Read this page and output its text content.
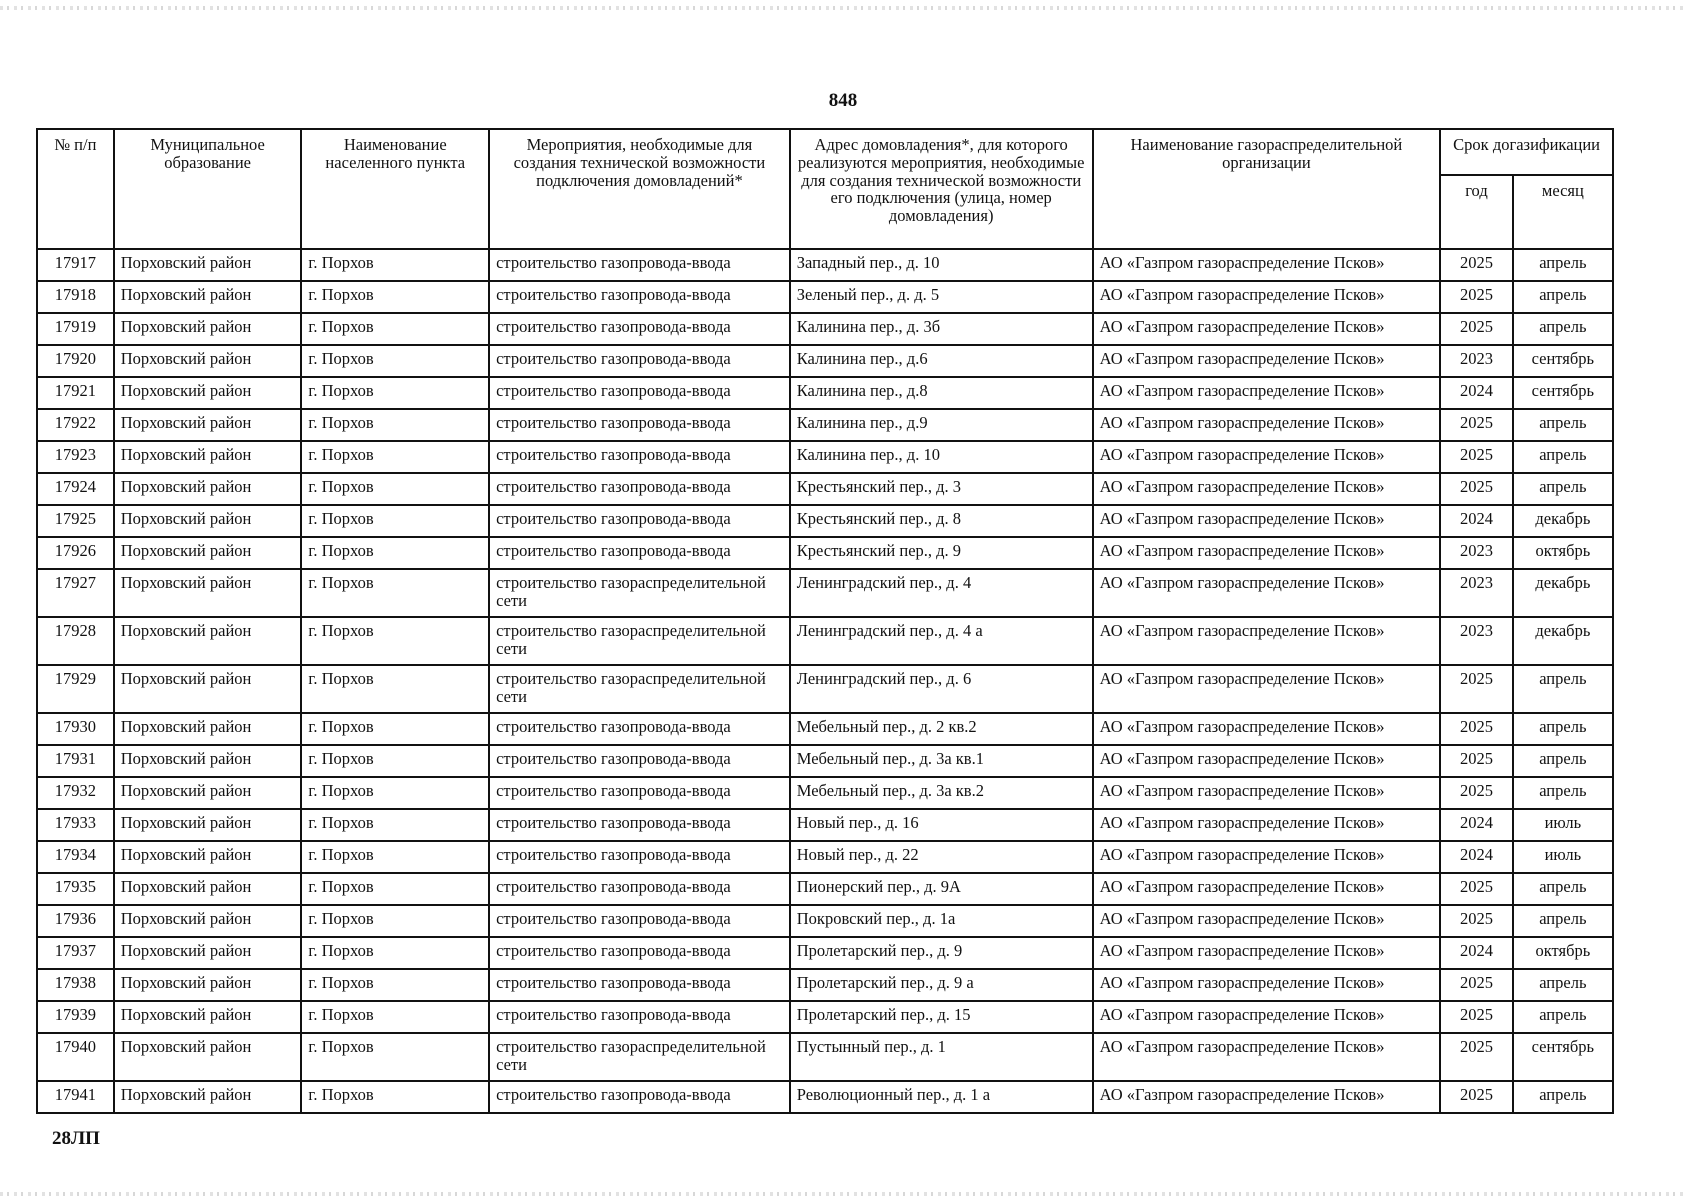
848
№ п/п	Муниципальное образование	Наименование населенного пункта	Мероприятия, необходимые для создания технической возможности подключения домовладений*	Адрес домовладения*, для которого реализуются мероприятия, необходимые для создания технической возможности его подключения (улица, номер домовладения)	Наименование газораспределительной организации	Срок догазификации	
						год	месяц
17917	Порховский район	г. Порхов	строительство газопровода-ввода	Западный пер., д. 10	АО «Газпром газораспределение Псков»	2025	апрель
17918	Порховский район	г. Порхов	строительство газопровода-ввода	Зеленый пер., д. д. 5	АО «Газпром газораспределение Псков»	2025	апрель
17919	Порховский район	г. Порхов	строительство газопровода-ввода	Калинина пер., д. 3б	АО «Газпром газораспределение Псков»	2025	апрель
17920	Порховский район	г. Порхов	строительство газопровода-ввода	Калинина пер., д.6	АО «Газпром газораспределение Псков»	2023	сентябрь
17921	Порховский район	г. Порхов	строительство газопровода-ввода	Калинина пер., д.8	АО «Газпром газораспределение Псков»	2024	сентябрь
17922	Порховский район	г. Порхов	строительство газопровода-ввода	Калинина пер., д.9	АО «Газпром газораспределение Псков»	2025	апрель
17923	Порховский район	г. Порхов	строительство газопровода-ввода	Калинина пер., д. 10	АО «Газпром газораспределение Псков»	2025	апрель
17924	Порховский район	г. Порхов	строительство газопровода-ввода	Крестьянский пер., д. 3	АО «Газпром газораспределение Псков»	2025	апрель
17925	Порховский район	г. Порхов	строительство газопровода-ввода	Крестьянский пер., д. 8	АО «Газпром газораспределение Псков»	2024	декабрь
17926	Порховский район	г. Порхов	строительство газопровода-ввода	Крестьянский пер., д. 9	АО «Газпром газораспределение Псков»	2023	октябрь
17927	Порховский район	г. Порхов	строительство газораспределительной сети	Ленинградский пер., д. 4	АО «Газпром газораспределение Псков»	2023	декабрь
17928	Порховский район	г. Порхов	строительство газораспределительной сети	Ленинградский пер., д. 4 а	АО «Газпром газораспределение Псков»	2023	декабрь
17929	Порховский район	г. Порхов	строительство газораспределительной сети	Ленинградский пер., д. 6	АО «Газпром газораспределение Псков»	2025	апрель
17930	Порховский район	г. Порхов	строительство газопровода-ввода	Мебельный пер., д. 2 кв.2	АО «Газпром газораспределение Псков»	2025	апрель
17931	Порховский район	г. Порхов	строительство газопровода-ввода	Мебельный пер., д. 3а кв.1	АО «Газпром газораспределение Псков»	2025	апрель
17932	Порховский район	г. Порхов	строительство газопровода-ввода	Мебельный пер., д. 3а кв.2	АО «Газпром газораспределение Псков»	2025	апрель
17933	Порховский район	г. Порхов	строительство газопровода-ввода	Новый пер., д. 16	АО «Газпром газораспределение Псков»	2024	июль
17934	Порховский район	г. Порхов	строительство газопровода-ввода	Новый пер., д. 22	АО «Газпром газораспределение Псков»	2024	июль
17935	Порховский район	г. Порхов	строительство газопровода-ввода	Пионерский пер., д. 9А	АО «Газпром газораспределение Псков»	2025	апрель
17936	Порховский район	г. Порхов	строительство газопровода-ввода	Покровский пер., д. 1а	АО «Газпром газораспределение Псков»	2025	апрель
17937	Порховский район	г. Порхов	строительство газопровода-ввода	Пролетарский пер., д. 9	АО «Газпром газораспределение Псков»	2024	октябрь
17938	Порховский район	г. Порхов	строительство газопровода-ввода	Пролетарский пер., д. 9 а	АО «Газпром газораспределение Псков»	2025	апрель
17939	Порховский район	г. Порхов	строительство газопровода-ввода	Пролетарский пер., д. 15	АО «Газпром газораспределение Псков»	2025	апрель
17940	Порховский район	г. Порхов	строительство газораспределительной сети	Пустынный пер., д. 1	АО «Газпром газораспределение Псков»	2025	сентябрь
17941	Порховский район	г. Порхов	строительство газопровода-ввода	Революционный пер., д. 1 а	АО «Газпром газораспределение Псков»	2025	апрель
28ЛП
